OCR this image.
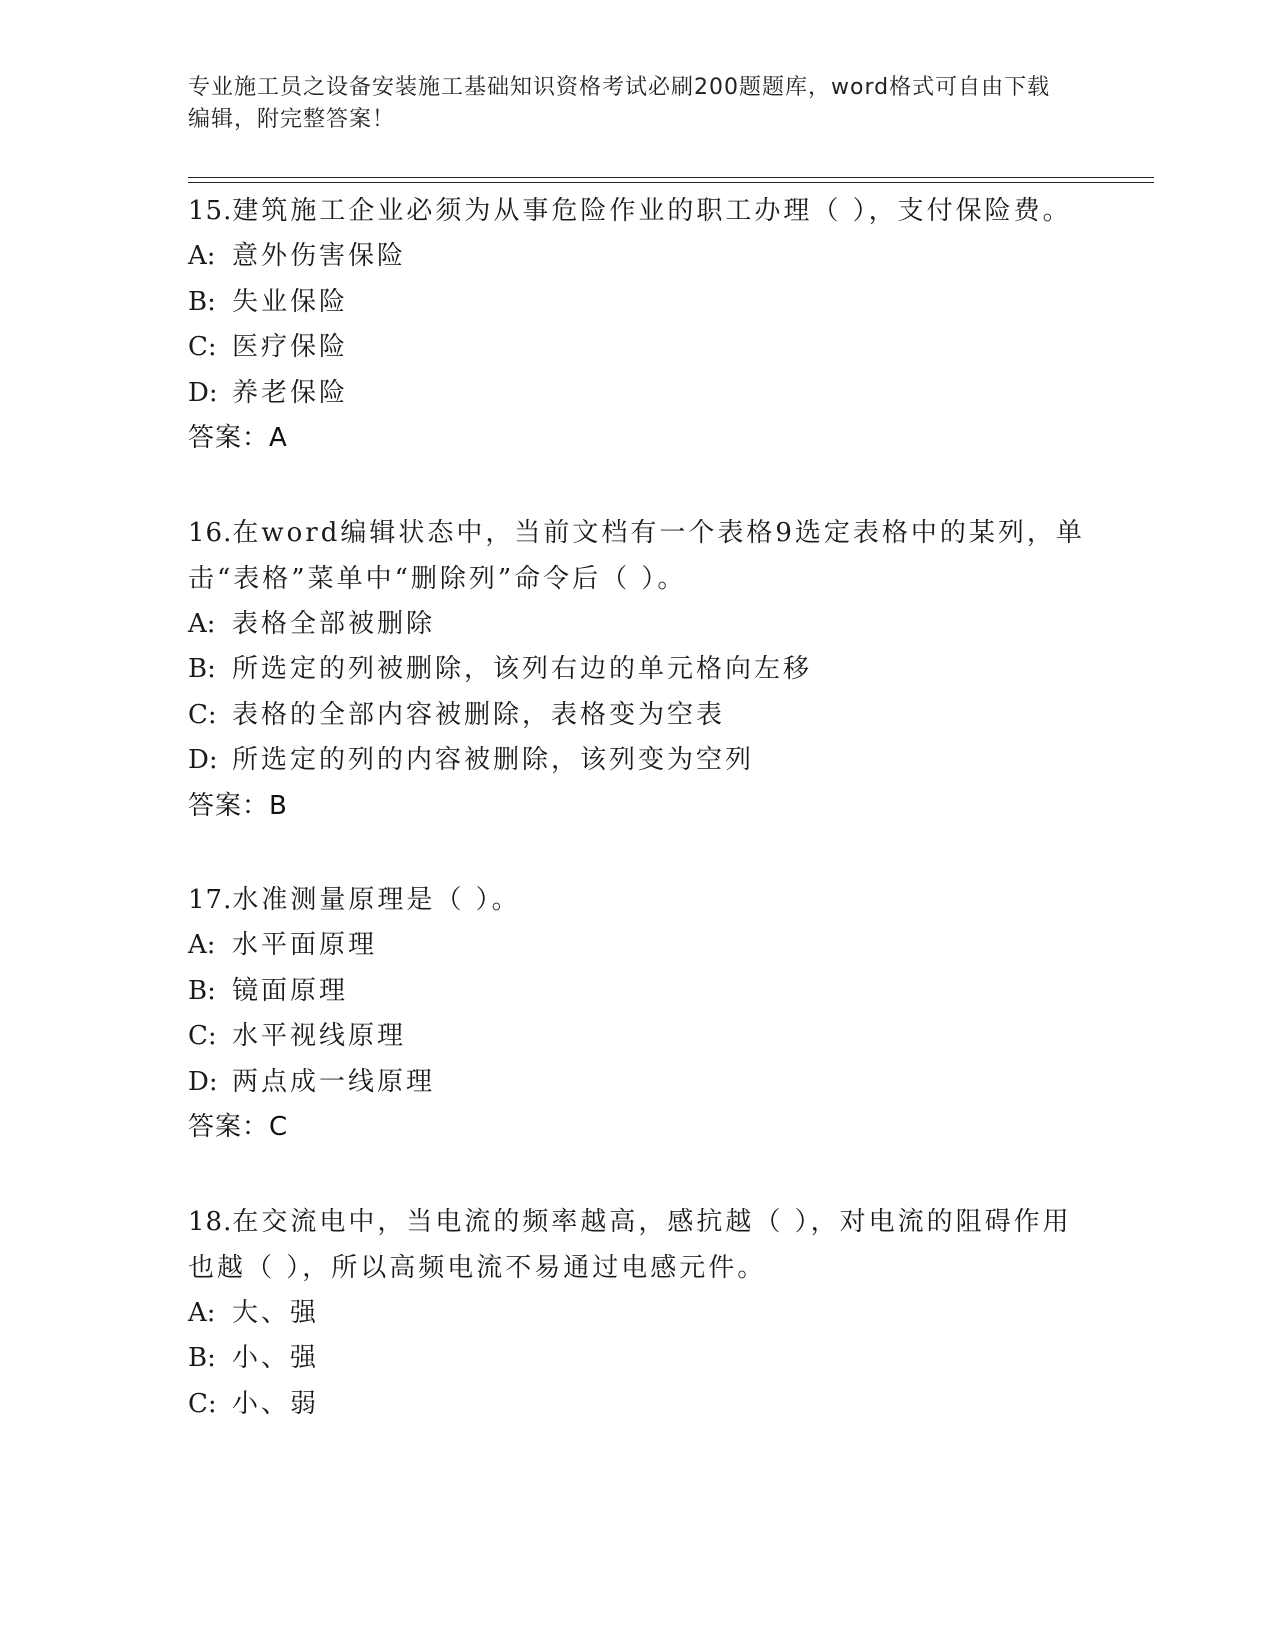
专业施工员之设备安装施工基础知识资格考试必刷200题题库，word格式可自由下载编辑，附完整答案！
15.建筑施工企业必须为从事危险作业的职工办理（ ），支付保险费。
A: 意外伤害保险
B: 失业保险
C: 医疗保险
D: 养老保险
答案：A
16.在word编辑状态中，当前文档有一个表格9选定表格中的某列，单击“表格”菜单中“删除列”命令后（ ）。
A: 表格全部被删除
B: 所选定的列被删除，该列右边的单元格向左移
C: 表格的全部内容被删除，表格变为空表
D: 所选定的列的内容被删除，该列变为空列
答案：B
17.水准测量原理是（ ）。
A: 水平面原理
B: 镜面原理
C: 水平视线原理
D: 两点成一线原理
答案：C
18.在交流电中，当电流的频率越高，感抗越（ ），对电流的阻碍作用也越（ ），所以高频电流不易通过电感元件。
A: 大、强
B: 小、强
C: 小、弱
